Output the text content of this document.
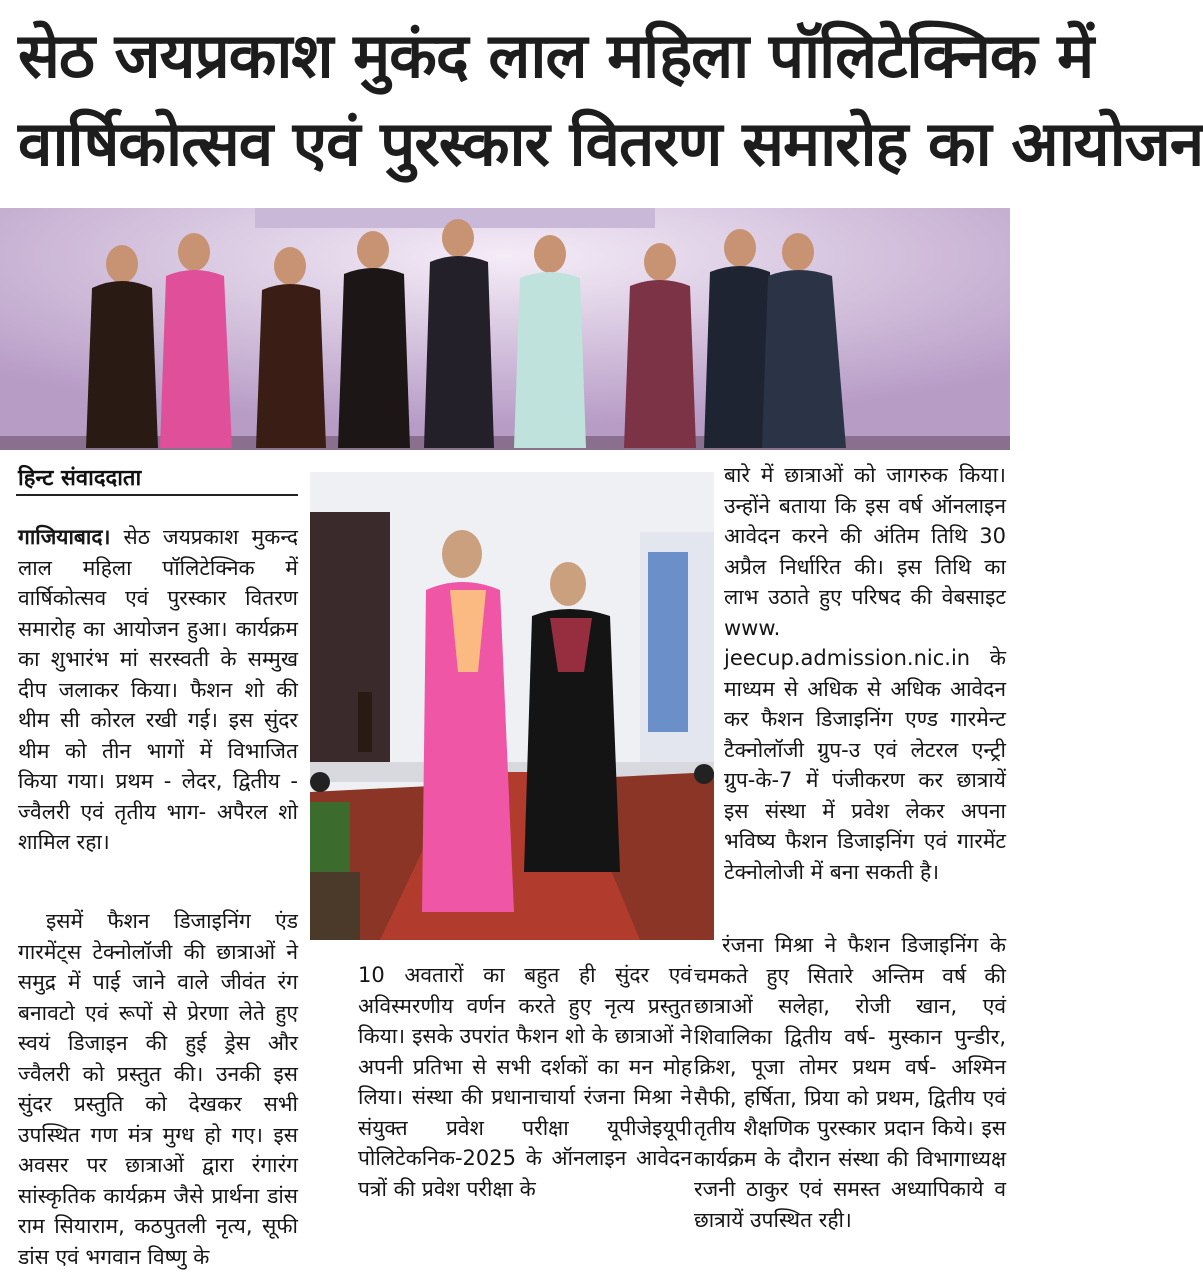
सेठ जयप्रकाश मुकंद लाल महिला पॉलिटेक्निक में
वार्षिकोत्सव एवं पुरस्कार वितरण समारोह का आयोजन
हिन्ट संवाददाता

गाजियाबाद। सेठ जयप्रकाश मुकन्द लाल महिला पॉलिटेक्निक में वार्षिकोत्सव एवं पुरस्कार वितरण समारोह का आयोजन हुआ। कार्यक्रम का शुभारंभ मां सरस्वती के सम्मुख दीप जलाकर किया। फैशन शो की थीम सी कोरल रखी गई। इस सुंदर थीम को तीन भागों में विभाजित किया गया। प्रथम - लेदर, द्वितीय - ज्वैलरी एवं तृतीय भाग- अपैरल शो शामिल रहा।

इसमें फैशन डिजाइनिंग एंड गारमेंट्स टेक्नोलॉजी की छात्राओं ने समुद्र में पाई जाने वाले जीवंत रंग बनावटो एवं रूपों से प्रेरणा लेते हुए स्वयं डिजाइन की हुई ड्रेस और ज्वैलरी को प्रस्तुत की। उनकी इस सुंदर प्रस्तुति को देखकर सभी उपस्थित गण मंत्र मुग्ध हो गए। इस अवसर पर छात्राओं द्वारा रंगारंग सांस्कृतिक कार्यक्रम जैसे प्रार्थना डांस राम सियाराम, कठपुतली नृत्य, सूफी डांस एवं भगवान विष्णु के

10 अवतारों का बहुत ही सुंदर एवं अविस्मरणीय वर्णन करते हुए नृत्य प्रस्तुत किया। इसके उपरांत फैशन शो के छात्राओं ने अपनी प्रतिभा से सभी दर्शकों का मन मोह लिया। संस्था की प्रधानाचार्या रंजना मिश्रा ने संयुक्त प्रवेश परीक्षा यूपीजेइयूपी पोलिटेकनिक-2025 के ऑनलाइन आवेदन पत्रों की प्रवेश परीक्षा के

बारे में छात्राओं को जागरुक किया। उन्होंने बताया कि इस वर्ष ऑनलाइन आवेदन करने की अंतिम तिथि 30 अप्रैल निर्धारित की। इस तिथि का लाभ उठाते हुए परिषद की वेबसाइट www. jeecup.admission.nic.in के माध्यम से अधिक से अधिक आवेदन कर फैशन डिजाइनिंग एण्ड गारमेन्ट टैक्नोलॉजी ग्रुप-उ एवं लेटरल एन्ट्री ग्रुप-के-7 में पंजीकरण कर छात्रायें इस संस्था में प्रवेश लेकर अपना भविष्य फैशन डिजाइनिंग एवं गारमेंट टेक्नोलोजी में बना सकती है।

रंजना मिश्रा ने फैशन डिजाइनिंग के चमकते हुए सितारे अन्तिम वर्ष की छात्राओं सलेहा, रोजी खान, एवं शिवालिका द्वितीय वर्ष- मुस्कान पुन्डीर, क्रिश, पूजा तोमर प्रथम वर्ष- अश्मिन सैफी, हर्षिता, प्रिया को प्रथम, द्वितीय एवं तृतीय शैक्षणिक पुरस्कार प्रदान किये। इस कार्यक्रम के दौरान संस्था की विभागाध्यक्ष रजनी ठाकुर एवं समस्त अध्यापिकाये व छात्रायें उपस्थित रही।
